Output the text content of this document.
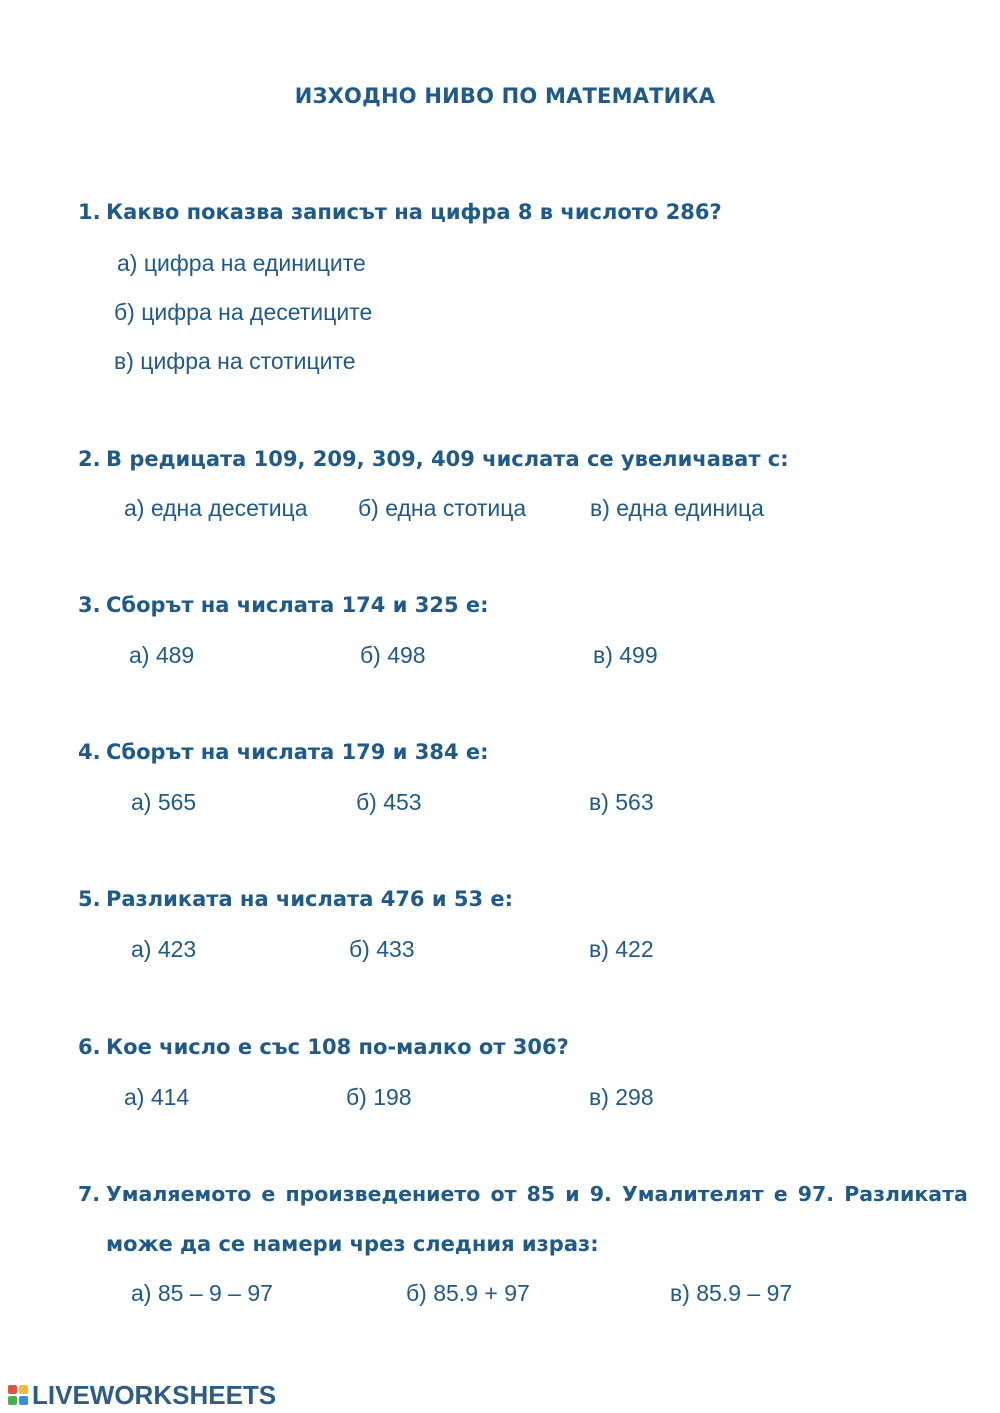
ИЗХОДНО НИВО ПО МАТЕМАТИКА
1. Какво показва записът на цифра 8 в числото 286?
а) цифра на единиците
б) цифра на десетиците
в) цифра на стотиците
2. В редицата 109, 209, 309, 409 числата се увеличават с:
а) една десетица б) една стотица	в) една единица
3. Сборът на числата 174 и 325 е:
а) 489	б) 498	в) 499
4. Сборът на числата 179 и 384 е:
а) 565	б) 453	в) 563
5. Разликата на числата 476 и 53 е:
а) 423	б) 433	в) 422
6. Кое число е със 108 по-малко от 306?
а) 414	б) 198	в) 298
7. Умаляемото е произведението от 85 и 9. Умалителят е 97. Разликата
може да се намери чрез следния израз:
а) 85 – 9 – 97	б) 85.9 + 97	в) 85.9 – 97
LIVEWORKSHEETS
